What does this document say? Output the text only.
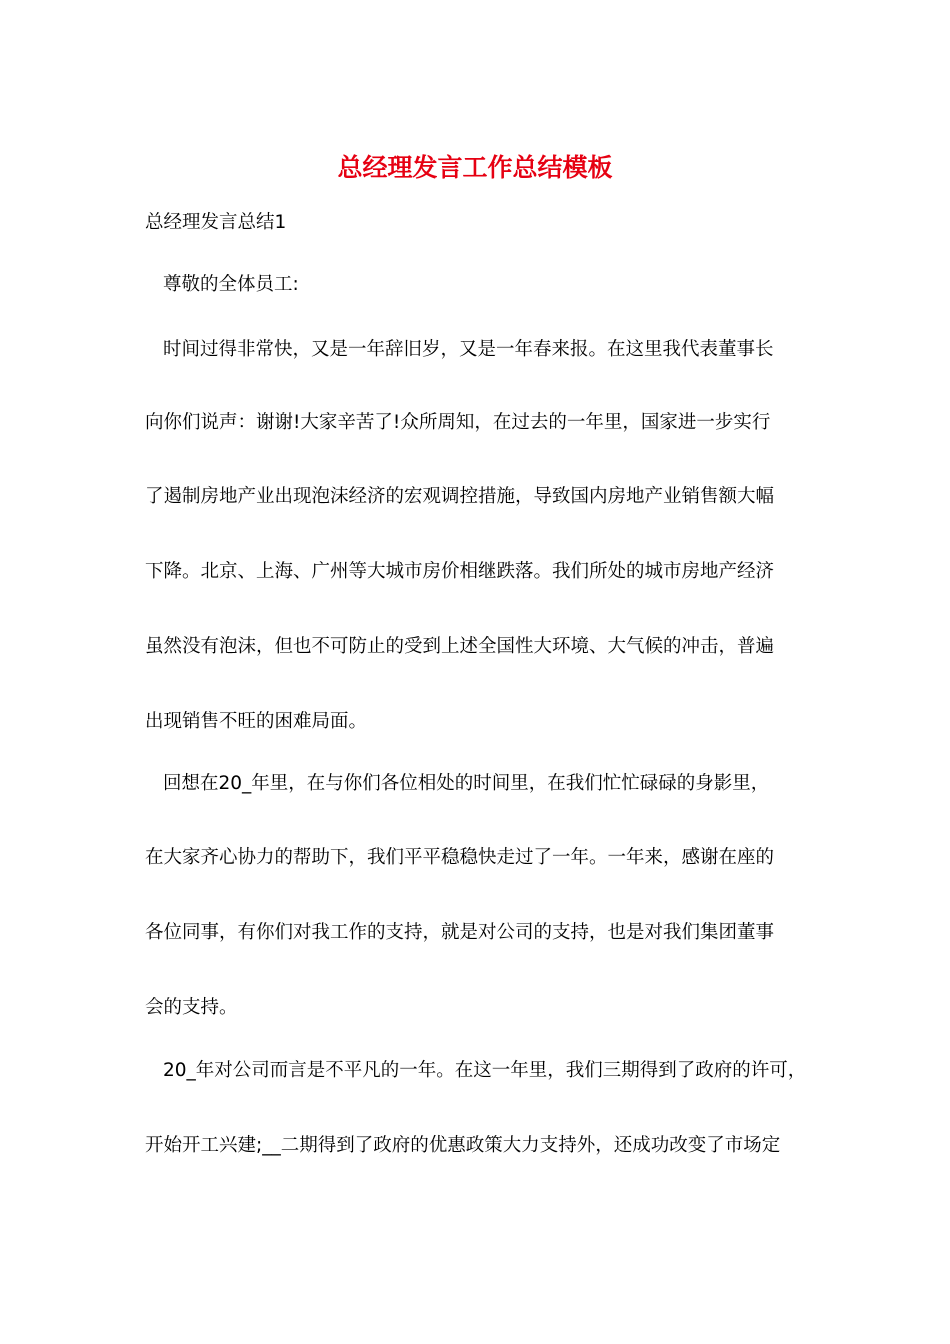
总经理发言工作总结模板

总经理发言总结1

尊敬的全体员工:

时间过得非常快，又是一年辞旧岁，又是一年春来报。在这里我代表董事长

向你们说声：谢谢!大家辛苦了!众所周知，在过去的一年里，国家进一步实行

了遏制房地产业出现泡沫经济的宏观调控措施，导致国内房地产业销售额大幅

下降。北京、上海、广州等大城市房价相继跌落。我们所处的城市房地产经济

虽然没有泡沫，但也不可防止的受到上述全国性大环境、大气候的冲击，普遍

出现销售不旺的困难局面。

回想在20_年里，在与你们各位相处的时间里，在我们忙忙碌碌的身影里，

在大家齐心协力的帮助下，我们平平稳稳快走过了一年。一年来，感谢在座的

各位同事，有你们对我工作的支持，就是对公司的支持，也是对我们集团董事

会的支持。

20_年对公司而言是不平凡的一年。在这一年里，我们三期得到了政府的许可，

开始开工兴建;__二期得到了政府的优惠政策大力支持外，还成功改变了市场定
